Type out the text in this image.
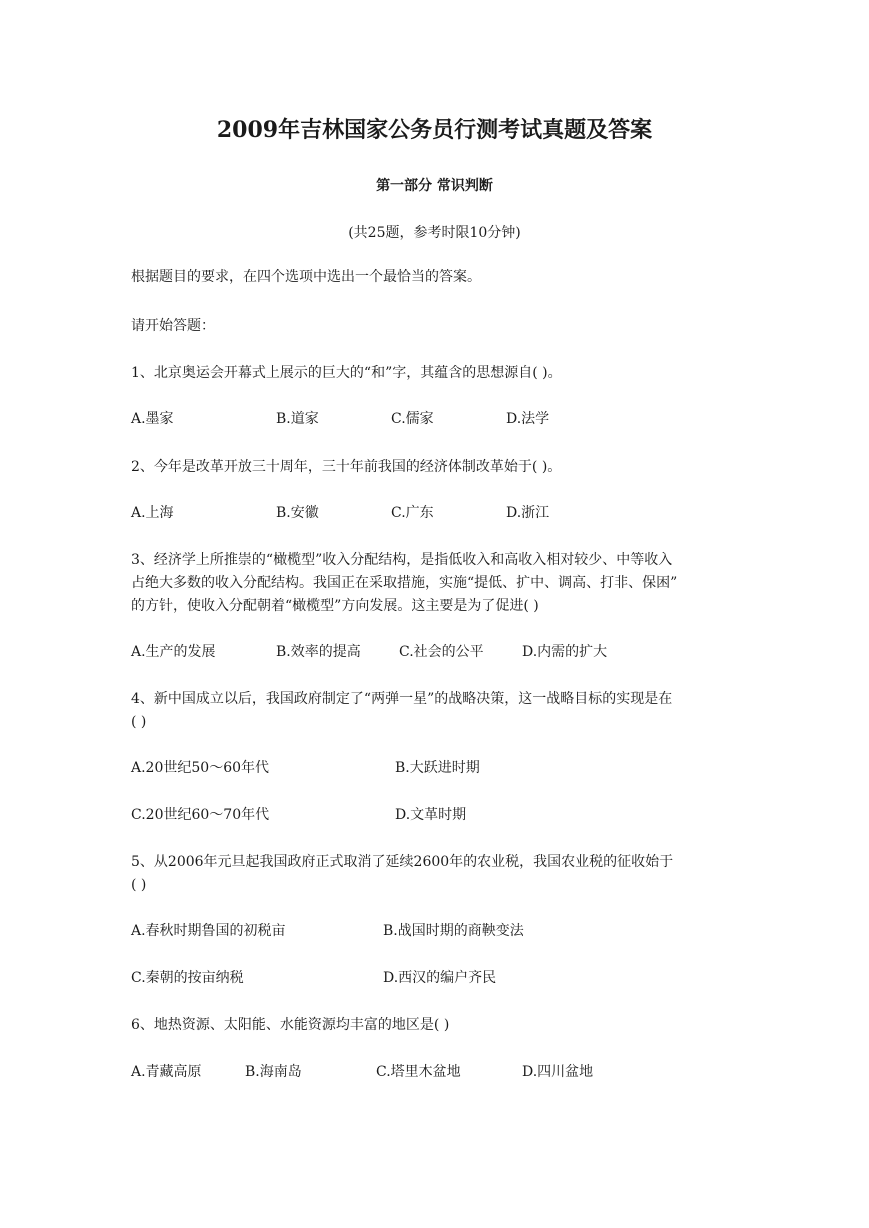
2009年吉林国家公务员行测考试真题及答案
第一部分 常识判断
(共25题，参考时限10分钟)
根据题目的要求，在四个选项中选出一个最恰当的答案。
请开始答题：
1、北京奥运会开幕式上展示的巨大的“和”字，其蕴含的思想源自( )。
A.墨家	B.道家	C.儒家	D.法学
2、今年是改革开放三十周年，三十年前我国的经济体制改革始于( )。
A.上海	B.安徽	C.广东	D.浙江
3、经济学上所推崇的“橄榄型”收入分配结构，是指低收入和高收入相对较少、中等收入
占绝大多数的收入分配结构。我国正在采取措施，实施“提低、扩中、调高、打非、保困”
的方针，使收入分配朝着“橄榄型”方向发展。这主要是为了促进( )
A.生产的发展	B.效率的提高	C.社会的公平	D.内需的扩大
4、新中国成立以后，我国政府制定了“两弹一星”的战略决策，这一战略目标的实现是在
( )
A.20世纪50～60年代	B.大跃进时期
C.20世纪60～70年代	D.文革时期
5、从2006年元旦起我国政府正式取消了延续2600年的农业税，我国农业税的征收始于
( )
A.春秋时期鲁国的初税亩	B.战国时期的商鞅变法
C.秦朝的按亩纳税	D.西汉的编户齐民
6、地热资源、太阳能、水能资源均丰富的地区是( )
A.青藏高原	B.海南岛	C.塔里木盆地	D.四川盆地
